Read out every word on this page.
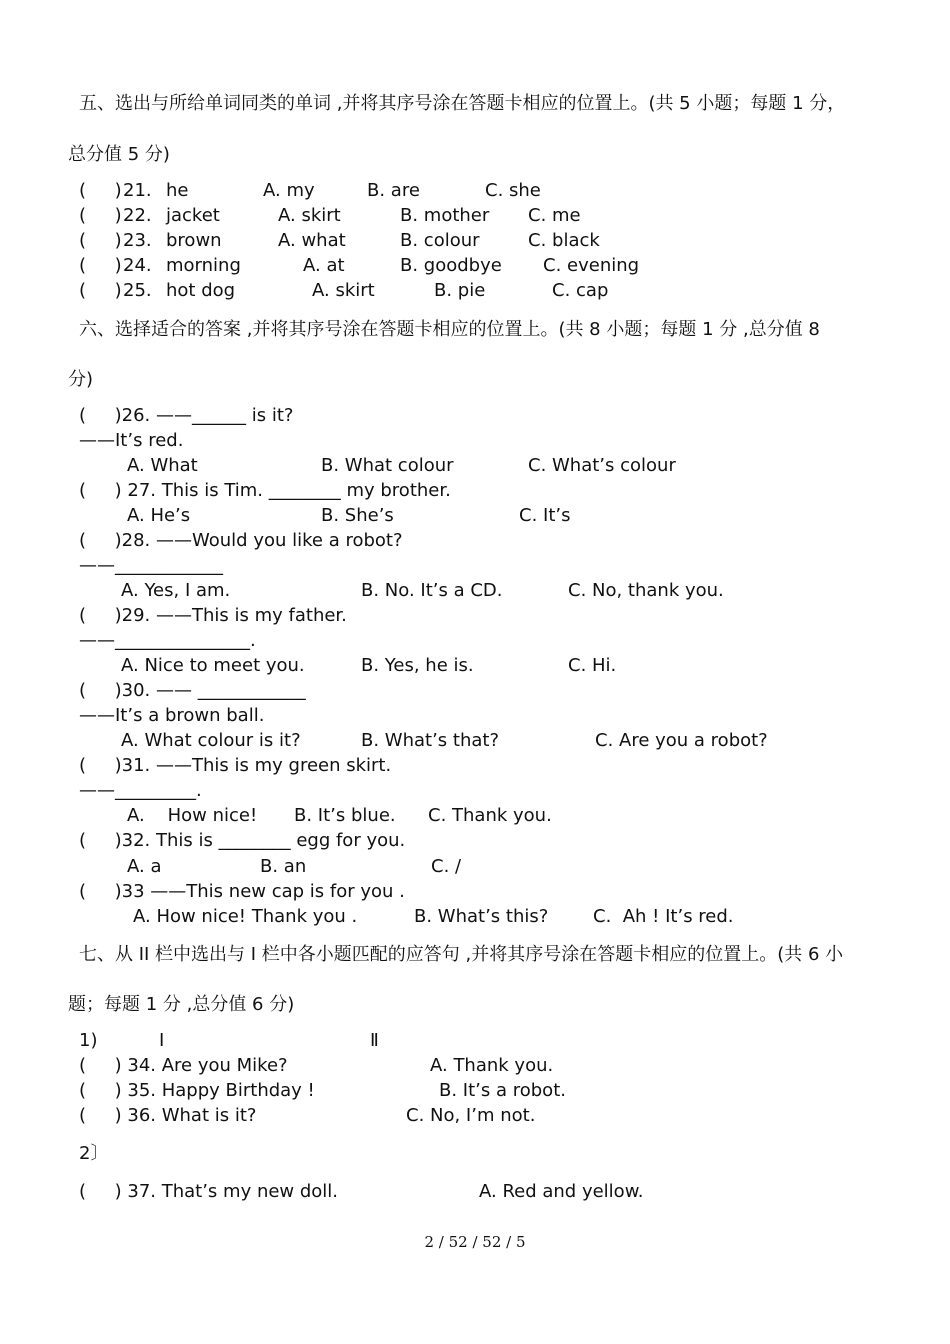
五、选出与所给单词同类的单词 ,并将其序号涂在答题卡相应的位置上。(共 5 小题；每题 1 分，
总分值 5 分)
(     ) 21. he	A. my	B. are	C. she
(     ) 22. jacket	A. skirt	B. mother C. me
(     ) 23. brown	A. what	B. colour	C. black
(     ) 24. morning	A. at	B. goodbye C. evening
(     ) 25. hot dog	A. skirt	B. pie	C. cap
六、选择适合的答案 ,并将其序号涂在答题卡相应的位置上。(共 8 小题；每题 1 分 ,总分值 8
分)
(     )26. ——______ is it?
——It’s red.
A. What	B. What colour	C. What’s colour
(     ) 27. This is Tim. ________ my brother.
A. He’s	B. She’s	C. It’s
(     )28. ——Would you like a robot?
——____________
A. Yes, I am.	B. No. It’s a CD.	C. No, thank you.
(     )29. ——This is my father.
——_______________.
A. Nice to meet you.	B. Yes, he is.	C. Hi.
(     )30. —— ____________
——It’s a brown ball.
A. What colour is it?	B. What’s that?	C. Are you a robot?
(     )31. ——This is my green skirt.
——_________.
A.    How nice! B. It’s blue. C. Thank you.
(     )32. This is ________ egg for you.
A. a	B. an	C. /
(     )33 ——This new cap is for you .
A. How nice! Thank you .	B. What’s this? C.  Ah ! It’s red.
七、从 II 栏中选出与 I 栏中各小题匹配的应答句 ,并将其序号涂在答题卡相应的位置上。(共 6 小
题；每题 1 分 ,总分值 6 分)
1)	Ⅰ	Ⅱ
(     ) 34. Are you Mike?	A. Thank you.
(     ) 35. Happy Birthday !	B. It’s a robot.
(     ) 36. What is it?	C. No, I’m not.
2〕
(     ) 37. That’s my new doll.	A. Red and yellow.
2 / 52 / 52 / 5
